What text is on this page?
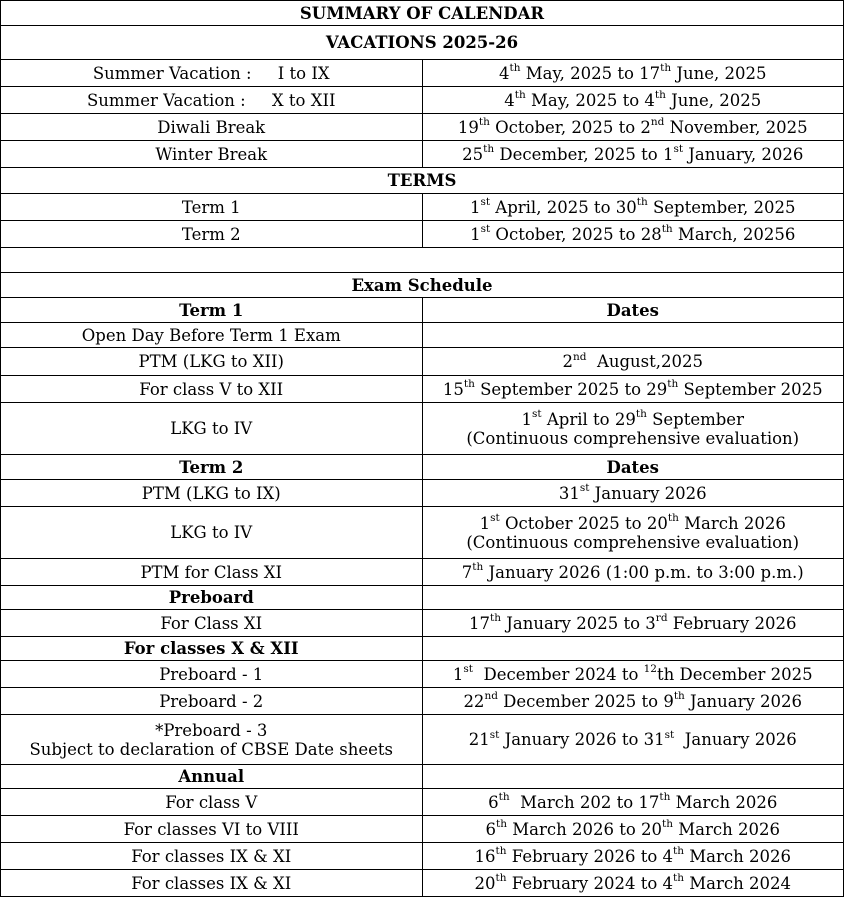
SUMMARY OF CALENDAR	
VACATIONS 2025-26	
Summer Vacation :     I to IX	4th May, 2025 to 17th June, 2025
Summer Vacation :     X to XII	4th May, 2025 to 4th June, 2025
Diwali Break	19th October, 2025 to 2nd November, 2025
Winter Break	25th December, 2025 to 1st January, 2026
TERMS	
Term 1	1st April, 2025 to 30th September, 2025
Term 2	1st October, 2025 to 28th March, 20256

Exam Schedule	
Term 1	Dates
Open Day Before Term 1 Exam	
PTM (LKG to XII)	2nd  August,2025
For class V to XII	15th September 2025 to 29th September 2025
LKG to IV	1st April to 29th September
(Continuous comprehensive evaluation)

Term 2	Dates
PTM (LKG to IX)	31st January 2026
LKG to IV	1st October 2025 to 20th March 2026
(Continuous comprehensive evaluation)

PTM for Class XI	7th January 2026 (1:00 p.m. to 3:00 p.m.)
Preboard	
For Class XI	17th January 2025 to 3rd February 2026
For classes X & XII	
Preboard - 1	1st  December 2024 to $^{12}$th December 2025
Preboard - 2	22nd December 2025 to 9th January 2026

*Preboard - 3
Subject to declaration of CBSE Date sheets	21st January 2026 to 31st  January 2026
Annual	
For class V	6th  March 202 to 17th March 2026
For classes VI to VIII	6th March 2026 to 20th March 2026
For classes IX & XI	16th February 2026 to 4th March 2026
For classes IX & XI	20th February 2024 to 4th March 2024
